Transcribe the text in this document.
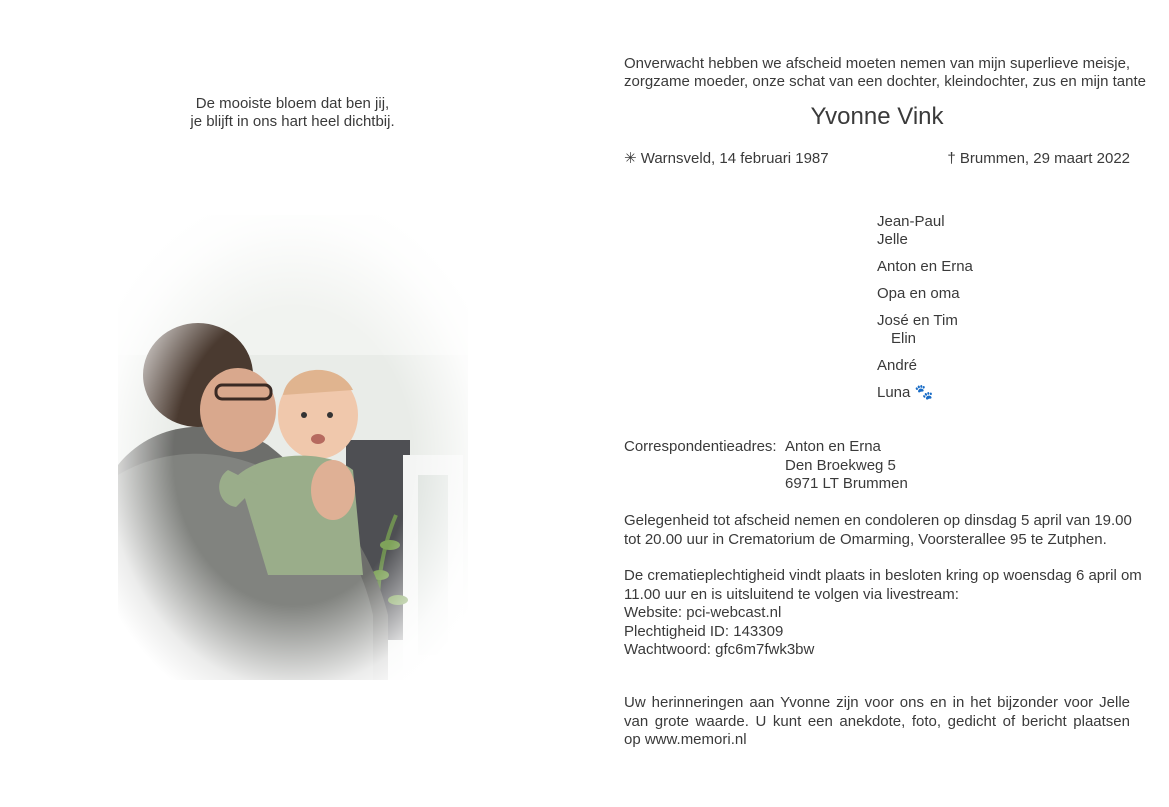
De mooiste bloem dat ben jij,
je blijft in ons hart heel dichtbij.
Onverwacht hebben we afscheid moeten nemen van mijn superlieve meisje,
zorgzame moeder, onze schat van een dochter, kleindochter, zus en mijn tante
Yvonne Vink
✳ Warnsveld, 14 februari 1987	† Brummen, 29 maart 2022
Jean-Paul
Jelle
Anton en Erna
Opa en oma
José en Tim
Elin
André
Luna 🐾
Correspondentieadres: Anton en Erna
Den Broekweg 5
6971 LT Brummen
Gelegenheid tot afscheid nemen en condoleren op dinsdag 5 april van 19.00
tot 20.00 uur in Crematorium de Omarming, Voorsterallee 95 te Zutphen.
De crematieplechtigheid vindt plaats in besloten kring op woensdag 6 april om
11.00 uur en is uitsluitend te volgen via livestream:
Website: pci-webcast.nl
Plechtigheid ID: 143309
Wachtwoord: gfc6m7fwk3bw
Uw herinneringen aan Yvonne zijn voor ons en in het bijzonder voor Jelle
van grote waarde. U kunt een anekdote, foto, gedicht of bericht plaatsen
op www.memori.nl
